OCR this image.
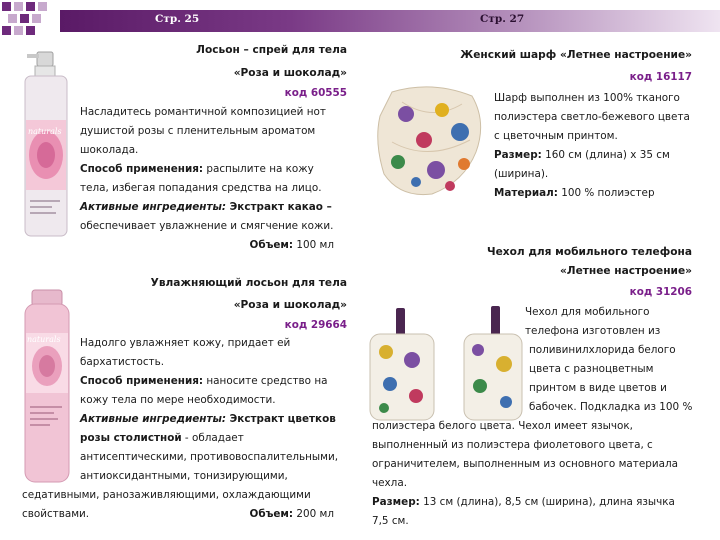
Стр. 25	Стр. 27
naturals
Лосьон – спрей для тела
«Роза и шоколад»
код 60555
Насладитесь романтичной композицией нот
душистой розы с пленительным ароматом
шоколада.
Способ применения: распылите на кожу
тела, избегая попадания средства на лицо.
Активные ингредиенты: Экстракт какао –
обеспечивает увлажнение и смягчение кожи.
Объем: 100 мл
naturals
Увлажняющий лосьон для тела
«Роза и шоколад»
код 29664
Надолго увлажняет кожу, придает ей
бархатистость.
Способ применения: наносите средство на
кожу тела по мере необходимости.
Активные ингредиенты: Экстракт цветков
розы столистной - обладает
антисептическими, противовоспалительными,
антиоксидантными, тонизирующими,
седативными, ранозаживляющими, охлаждающими
свойствами.	Объем: 200 мл
Женский шарф «Летнее настроение»
код 16117
Шарф выполнен из 100% тканого
полиэстера светло-бежевого цвета
с цветочным принтом.
Размер: 160 см (длина) х 35 см
(ширина).
Материал: 100 % полиэстер
Чехол для мобильного телефона
«Летнее настроение»
код 31206
Чехол для мобильного
телефона изготовлен из
поливинилхлорида белого
цвета с разноцветным
принтом в виде цветов и
бабочек. Подкладка из 100 %
полиэстера белого цвета. Чехол имеет язычок,
выполненный из полиэстера фиолетового цвета, с
ограничителем, выполненным из основного материала
чехла.
Размер: 13 см (длина), 8,5 см (ширина), длина язычка
7,5 см.
